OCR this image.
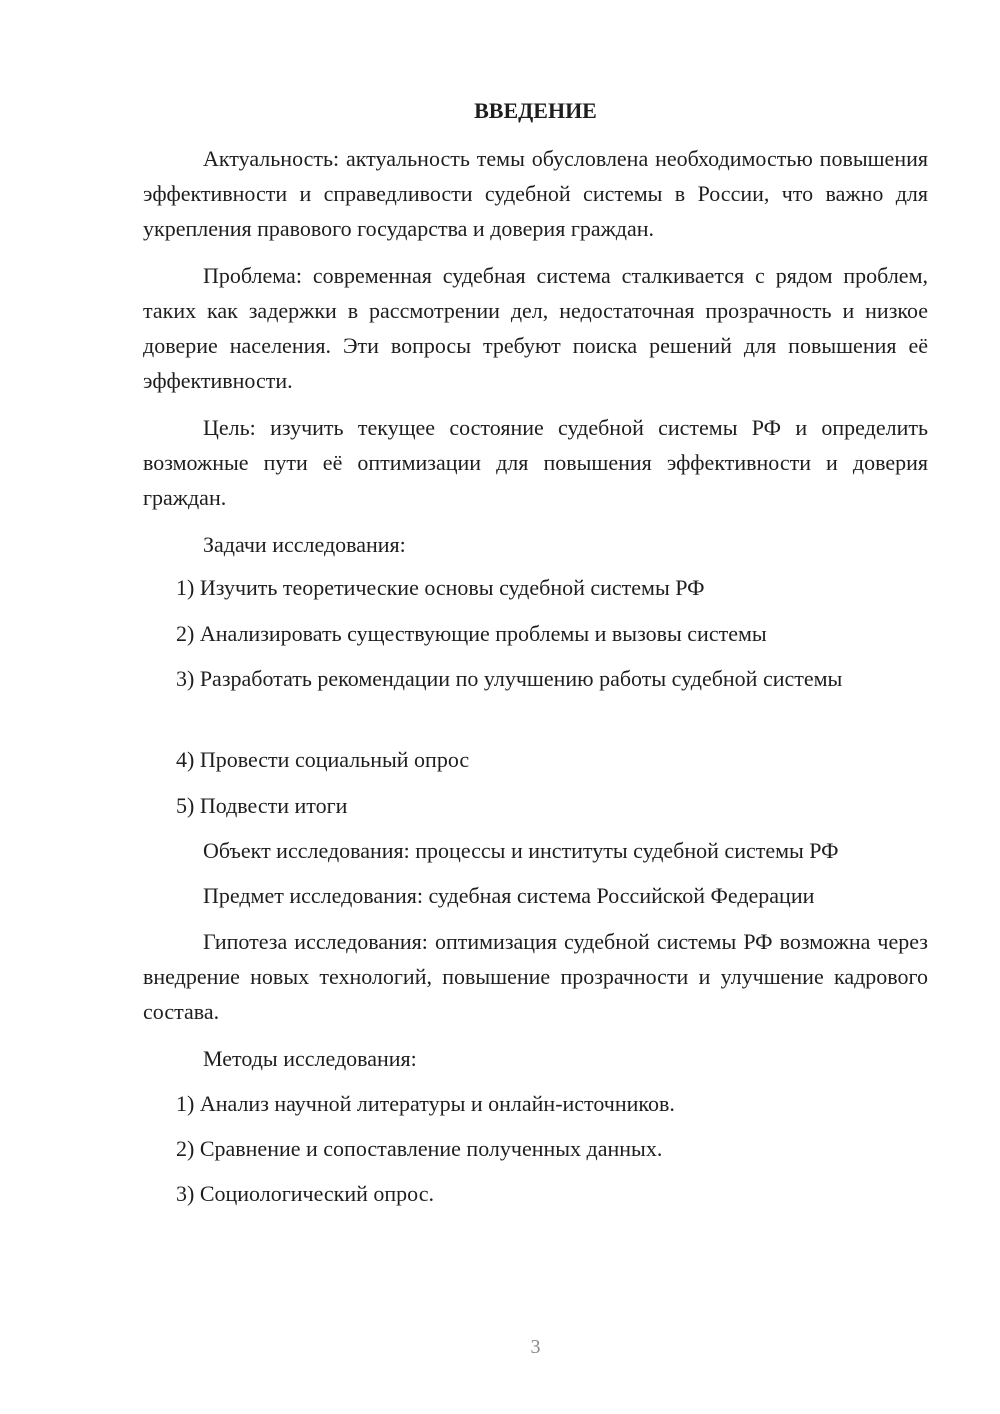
ВВЕДЕНИЕ

Актуальность: актуальность темы обусловлена необходимостью повышения эффективности и справедливости судебной системы в России, что важно для укрепления правового государства и доверия граждан.

Проблема: современная судебная система сталкивается с рядом проблем, таких как задержки в рассмотрении дел, недостаточная прозрачность и низкое доверие населения. Эти вопросы требуют поиска решений для повышения её эффективности.

Цель: изучить текущее состояние судебной системы РФ и определить возможные пути её оптимизации для повышения эффективности и доверия граждан.

Задачи исследования:

1) Изучить теоретические основы судебной системы РФ

2) Анализировать существующие проблемы и вызовы системы

3) Разработать рекомендации по улучшению работы судебной системы

4) Провести социальный опрос

5) Подвести итоги

Объект исследования: процессы и институты судебной системы РФ

Предмет исследования: судебная система Российской Федерации

Гипотеза исследования: оптимизация судебной системы РФ возможна через внедрение новых технологий, повышение прозрачности и улучшение кадрового состава.

Методы исследования:

1) Анализ научной литературы и онлайн-источников.

2) Сравнение и сопоставление полученных данных.

3) Социологический опрос.

3
